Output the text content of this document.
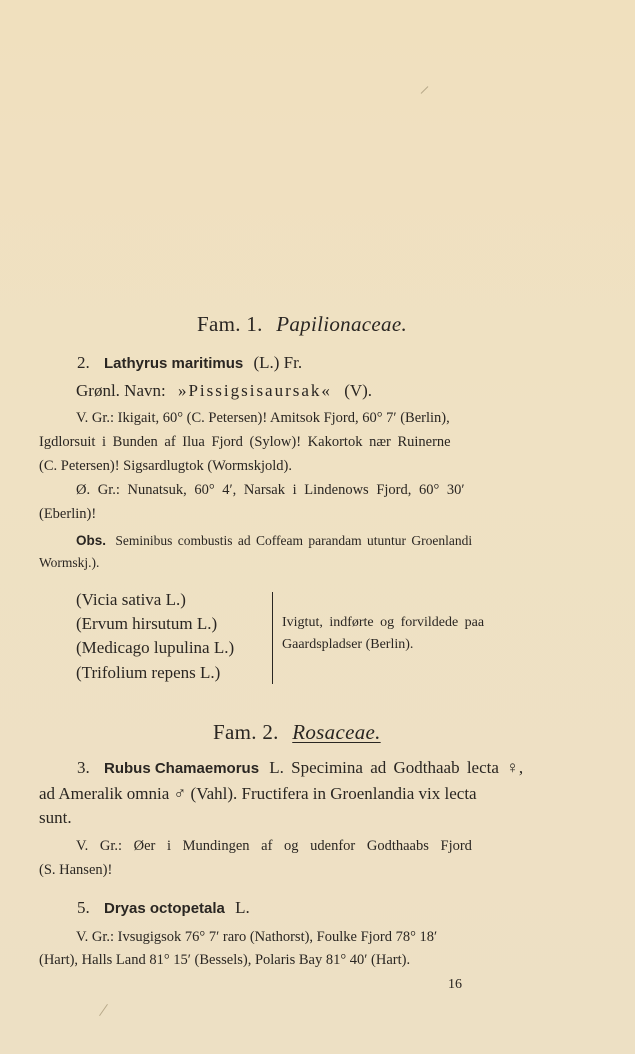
Fam. 1. Papilionaceae.
2. Lathyrus maritimus (L.) Fr.
Grønl. Navn: »Pissigsisaursak« (V).
V. Gr.: Ikigait, 60° (C. Petersen)! Amitsok Fjord, 60° 7′ (Berlin),
Igdlorsuit i Bunden af Ilua Fjord (Sylow)! Kakortok nær Ruinerne
(C. Petersen)! Sigsardlugtok (Wormskjold).
Ø. Gr.: Nunatsuk, 60° 4′, Narsak i Lindenows Fjord, 60° 30′
(Eberlin)!
Obs. Seminibus combustis ad Coffeam parandam utuntur Groenlandi
Wormskj.).
(Vicia sativa L.)
(Ervum hirsutum L.)
(Medicago lupulina L.)
(Trifolium repens L.)
Ivigtut, indførte og forvildede paa
Gaardspladser (Berlin).
Fam. 2. Rosaceae.
3. Rubus Chamaemorus L. Specimina ad Godthaab lecta ♀,
ad Ameralik omnia ♂ (Vahl). Fructifera in Groenlandia vix lecta
sunt.
V. Gr.: Øer i Mundingen af og udenfor Godthaabs Fjord
(S. Hansen)!
5. Dryas octopetala L.
V. Gr.: Ivsugigsok 76° 7′ raro (Nathorst), Foulke Fjord 78° 18′
(Hart), Halls Land 81° 15′ (Bessels), Polaris Bay 81° 40′ (Hart).
16
